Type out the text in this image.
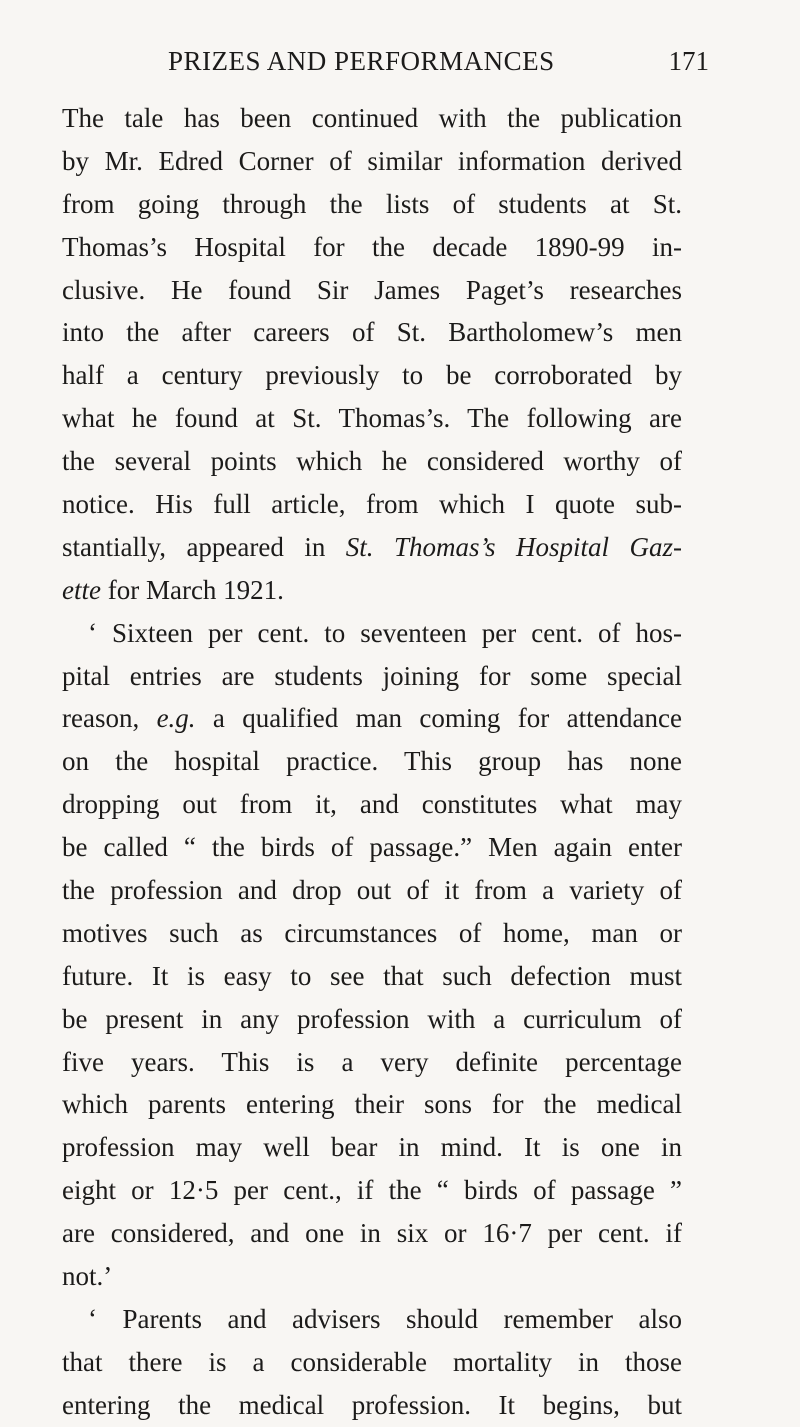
PRIZES AND PERFORMANCES	171
The tale has been continued with the publication
by Mr. Edred Corner of similar information derived
from going through the lists of students at St.
Thomas’s Hospital for the decade 1890-99 in-
clusive. He found Sir James Paget’s researches
into the after careers of St. Bartholomew’s men
half a century previously to be corroborated by
what he found at St. Thomas’s. The following are
the several points which he considered worthy of
notice. His full article, from which I quote sub-
stantially, appeared in St. Thomas’s Hospital Gaz-
ette for March 1921.
‘ Sixteen per cent. to seventeen per cent. of hos-
pital entries are students joining for some special
reason, e.g. a qualified man coming for attendance
on the hospital practice. This group has none
dropping out from it, and constitutes what may
be called “ the birds of passage.” Men again enter
the profession and drop out of it from a variety of
motives such as circumstances of home, man or
future. It is easy to see that such defection must
be present in any profession with a curriculum of
five years. This is a very definite percentage
which parents entering their sons for the medical
profession may well bear in mind. It is one in
eight or 12·5 per cent., if the “ birds of passage ”
are considered, and one in six or 16·7 per cent. if
not.’
‘ Parents and advisers should remember also
that there is a considerable mortality in those
entering the medical profession. It begins, but
